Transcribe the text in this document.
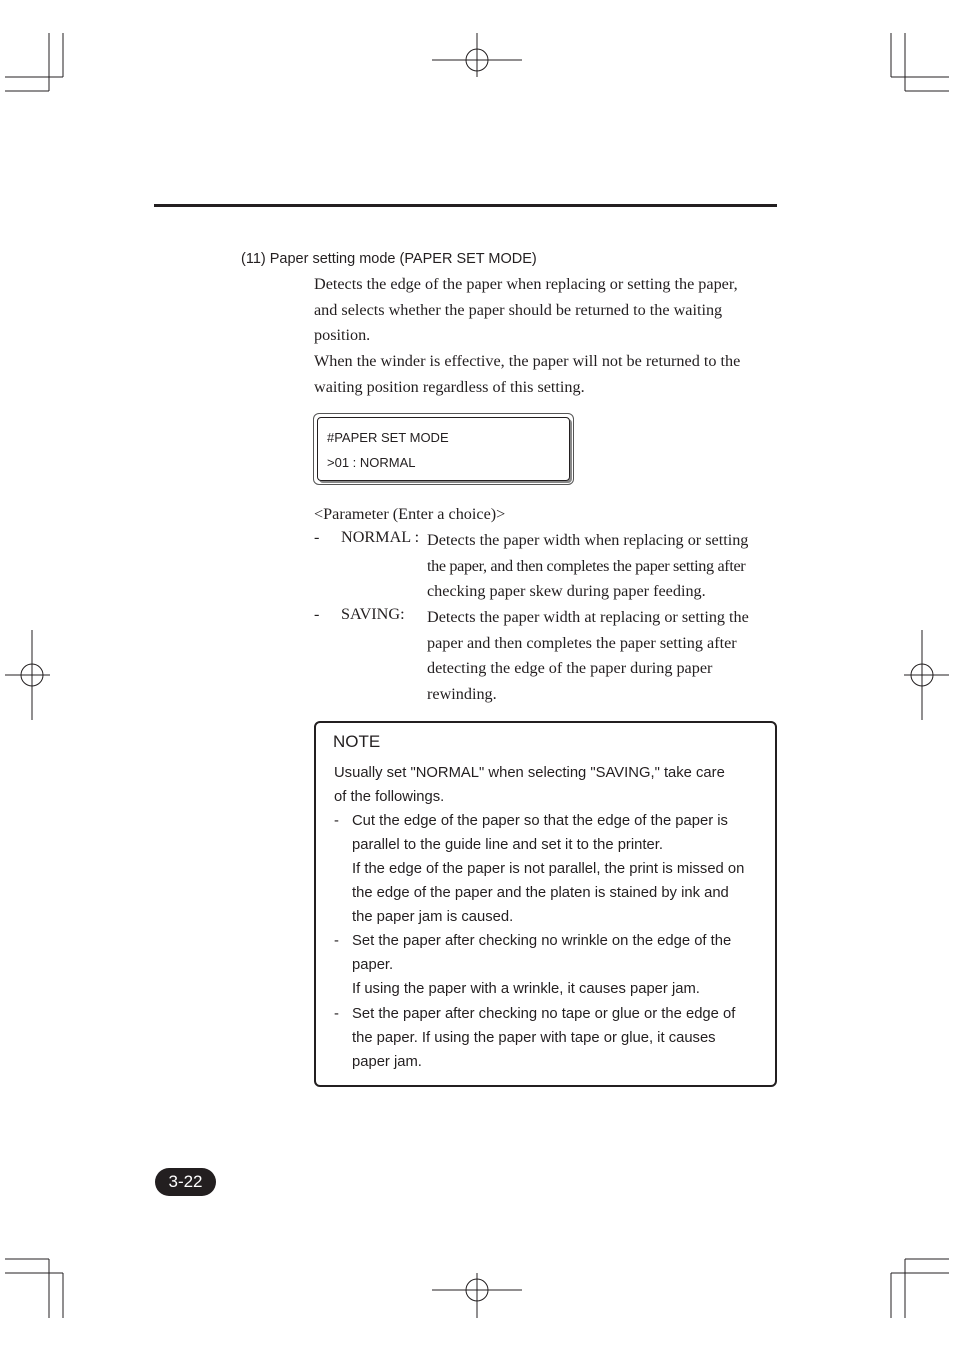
(11) Paper setting mode (PAPER SET MODE)
Detects the edge of the paper when replacing or setting the paper,
and selects whether the paper should be returned to the waiting
position.
When the winder is effective, the paper will not be returned to the
waiting position regardless of this setting.
#PAPER SET MODE
>01 : NORMAL
<Parameter (Enter a choice)>
- NORMAL : Detects the paper width when replacing or setting
the paper, and then completes the paper setting after
checking paper skew during paper feeding.
- SAVING: Detects the paper width at replacing or setting the
paper and then completes the paper setting after
detecting the edge of the paper during paper
rewinding.
NOTE
Usually set "NORMAL" when selecting "SAVING," take care
of the followings.
- Cut the edge of the paper so that the edge of the paper is
parallel to the guide line and set it to the printer.
If the edge of the paper is not parallel, the print is missed on
the edge of the paper and the platen is stained by ink and
the paper jam is caused.
- Set the paper after checking no wrinkle on the edge of the
paper.
If using the paper with a wrinkle, it causes paper jam.
- Set the paper after checking no tape or glue or the edge of
the paper. If using the paper with tape or glue, it causes
paper jam.
3-22
